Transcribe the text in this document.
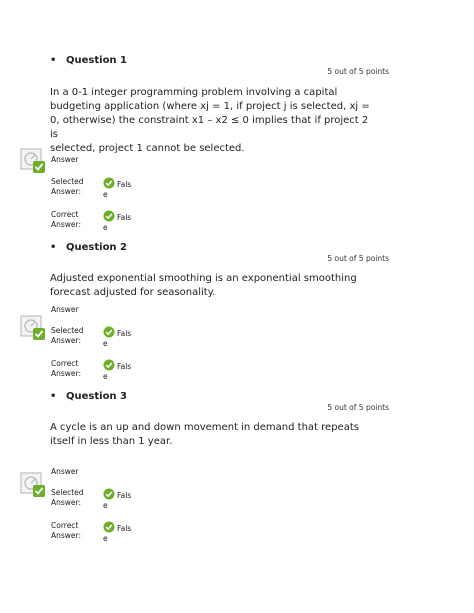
• Question 1
5 out of 5 points
In a 0-1 integer programming problem involving a capital
budgeting application (where xj = 1, if project j is selected, xj =
0, otherwise) the constraint x1 – x2 ≤ 0 implies that if project 2 is
selected, project 1 cannot be selected.
Answer
Selected
Answer:
Fals
e
Correct
Answer:
Fals
e
• Question 2
5 out of 5 points
Adjusted exponential smoothing is an exponential smoothing
forecast adjusted for seasonality.
Answer
Selected
Answer:
Fals
e
Correct
Answer:
Fals
e
• Question 3
5 out of 5 points
A cycle is an up and down movement in demand that repeats
itself in less than 1 year.
Answer
Selected
Answer:
Fals
e
Correct
Answer:
Fals
e
